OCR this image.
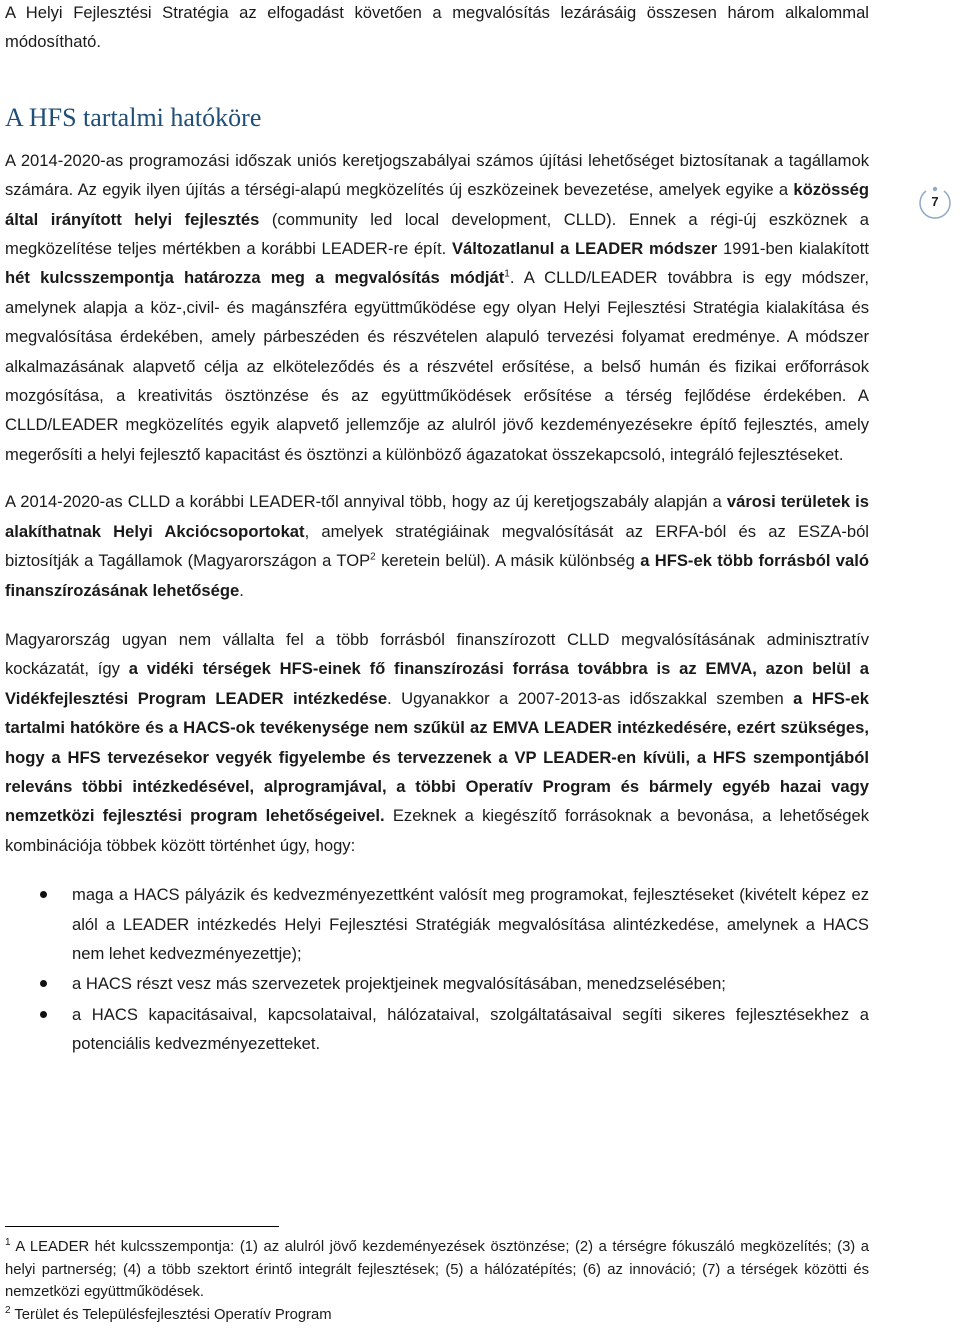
A Helyi Fejlesztési Stratégia az elfogadást követően a megvalósítás lezárásáig összesen három alkalommal módosítható.

A HFS tartalmi hatóköre

A 2014-2020-as programozási időszak uniós keretjogszabályai számos újítási lehetőséget biztosítanak a tagállamok számára. Az egyik ilyen újítás a térségi-alapú megközelítés új eszközeinek bevezetése, amelyek egyike a közösség által irányított helyi fejlesztés (community led local development, CLLD). Ennek a régi-új eszköznek a megközelítése teljes mértékben a korábbi LEADER-re épít. Változatlanul a LEADER módszer 1991-ben kialakított hét kulcsszempontja határozza meg a megvalósítás módját$^1$. A CLLD/LEADER továbbra is egy módszer, amelynek alapja a köz-,civil- és magánszféra együttműködése egy olyan Helyi Fejlesztési Stratégia kialakítása és megvalósítása érdekében, amely párbeszéden és részvételen alapuló tervezési folyamat eredménye. A módszer alkalmazásának alapvető célja az elköteleződés és a részvétel erősítése, a belső humán és fizikai erőforrások mozgósítása, a kreativitás ösztönzése és az együttműködések erősítése a térség fejlődése érdekében. A CLLD/LEADER megközelítés egyik alapvető jellemzője az alulról jövő kezdeményezésekre építő fejlesztés, amely megerősíti a helyi fejlesztő kapacitást és ösztönzi a különböző ágazatokat összekapcsoló, integráló fejlesztéseket.

A 2014-2020-as CLLD a korábbi LEADER-től annyival több, hogy az új keretjogszabály alapján a városi területek is alakíthatnak Helyi Akciócsoportokat, amelyek stratégiáinak megvalósítását az ERFA-ból és az ESZA-ból biztosítják a Tagállamok (Magyarországon a TOP$^2$ keretein belül). A másik különbség a HFS-ek több forrásból való finanszírozásának lehetősége.

Magyarország ugyan nem vállalta fel a több forrásból finanszírozott CLLD megvalósításának adminisztratív kockázatát, így a vidéki térségek HFS-einek fő finanszírozási forrása továbbra is az EMVA, azon belül a Vidékfejlesztési Program LEADER intézkedése. Ugyanakkor a 2007-2013-as időszakkal szemben a HFS-ek tartalmi hatóköre és a HACS-ok tevékenysége nem szűkül az EMVA LEADER intézkedésére, ezért szükséges, hogy a HFS tervezésekor vegyék figyelembe és tervezzenek a VP LEADER-en kívüli, a HFS szempontjából releváns többi intézkedésével, alprogramjával, a többi Operatív Program és bármely egyéb hazai vagy nemzetközi fejlesztési program lehetőségeivel. Ezeknek a kiegészítő forrásoknak a bevonása, a lehetőségek kombinációja többek között történhet úgy, hogy:

maga a HACS pályázik és kedvezményezettként valósít meg programokat, fejlesztéseket (kivételt képez ez alól a LEADER intézkedés Helyi Fejlesztési Stratégiák megvalósítása alintézkedése, amelynek a HACS nem lehet kedvezményezettje);

a HACS részt vesz más szervezetek projektjeinek megvalósításában, menedzselésében;

a HACS kapacitásaival, kapcsolataival, hálózataival, szolgáltatásaival segíti sikeres fejlesztésekhez a potenciális kedvezményezetteket.

7

$^1$ A LEADER hét kulcsszempontja: (1) az alulról jövő kezdeményezések ösztönzése; (2) a térségre fókuszáló megközelítés; (3) a helyi partnerség; (4) a több szektort érintő integrált fejlesztések; (5) a hálózatépítés; (6) az innováció; (7) a térségek közötti és nemzetközi együttműködések.

$^2$ Terület és Településfejlesztési Operatív Program
